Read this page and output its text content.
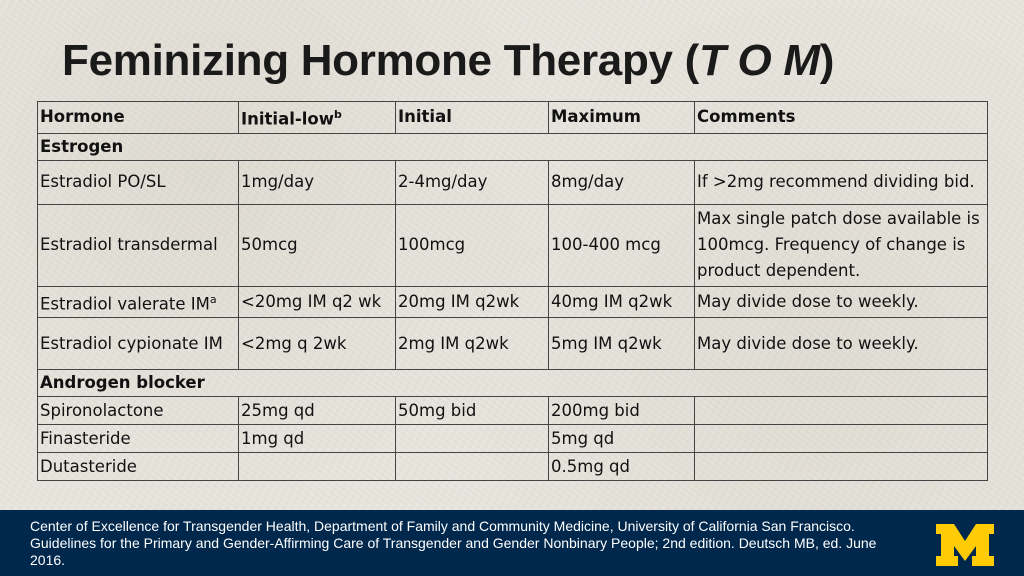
Feminizing Hormone Therapy (T O M)
Hormone	Initial-low$^b$	Initial	Maximum	Comments
Estrogen				
Estradiol PO/SL	1mg/day	2-4mg/day	8mg/day	If >2mg recommend dividing bid.
Estradiol transdermal	50mcg	100mcg	100-400 mcg	Max single patch dose available is 100mcg. Frequency of change is product dependent.
Estradiol valerate $IM^a$	<20mg IM q2 wk	20mg IM q2wk	40mg IM q2wk	May divide dose to weekly.
Estradiol cypionate IM	<2mg q 2wk	2mg IM q2wk	5mg IM q2wk	May divide dose to weekly.
Androgen blocker				
Spironolactone	25mg qd	50mg bid	200mg bid	
Finasteride	1mg qd		5mg qd	
Dutasteride			0.5mg qd	

Center of Excellence for Transgender Health, Department of Family and Community Medicine, University of California San Francisco. Guidelines for the Primary and Gender-Affirming Care of Transgender and Gender Nonbinary People; 2nd edition. Deutsch MB, ed. June 2016.
